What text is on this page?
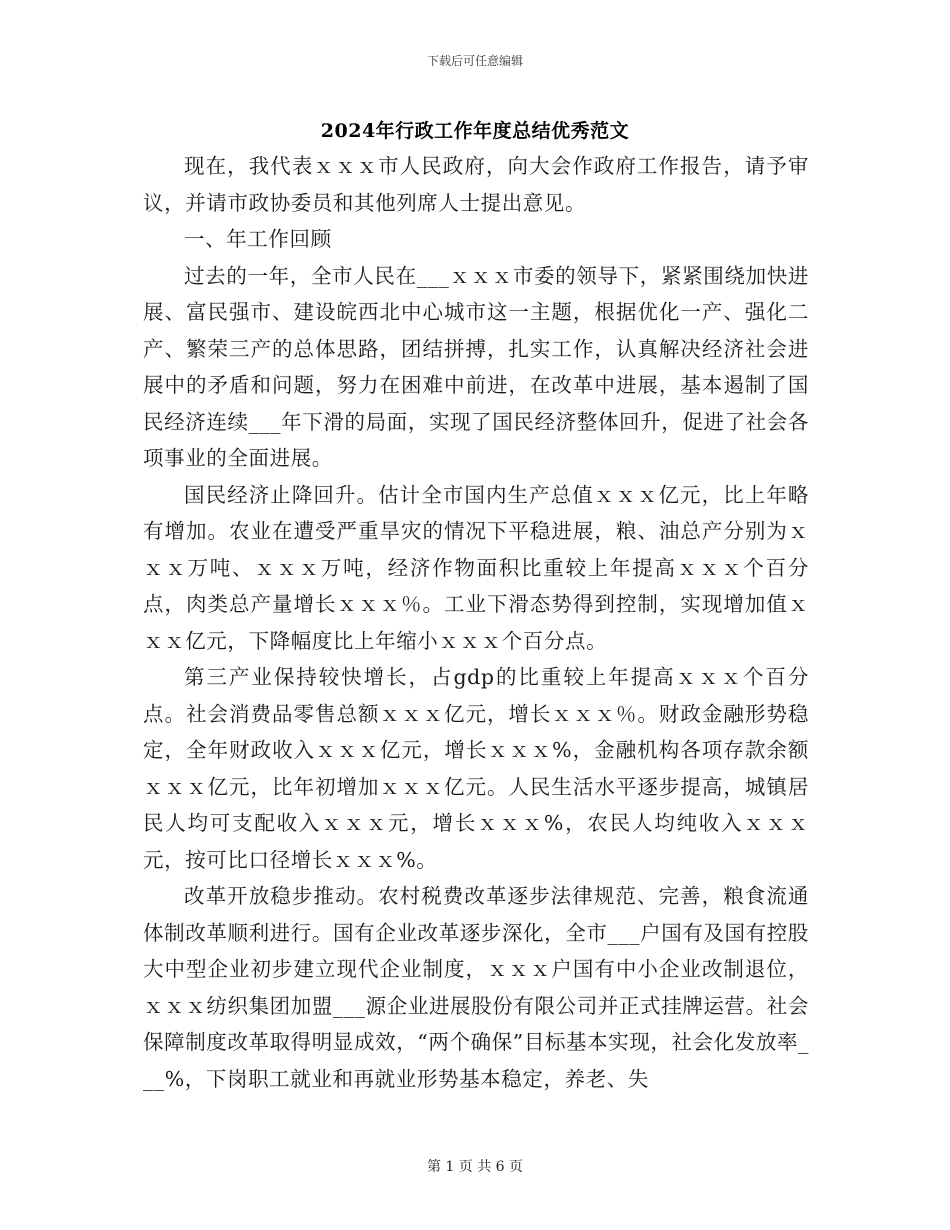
下载后可任意编辑
2024年行政工作年度总结优秀范文

现在，我代表ｘｘｘ市人民政府，向大会作政府工作报告，请予审议，并请市政协委员和其他列席人士提出意见。

一、年工作回顾

过去的一年，全市人民在___ｘｘｘ市委的领导下，紧紧围绕加快进展、富民强市、建设皖西北中心城市这一主题，根据优化一产、强化二产、繁荣三产的总体思路，团结拼搏，扎实工作，认真解决经济社会进展中的矛盾和问题，努力在困难中前进，在改革中进展，基本遏制了国民经济连续___年下滑的局面，实现了国民经济整体回升，促进了社会各项事业的全面进展。

国民经济止降回升。估计全市国内生产总值ｘｘｘ亿元，比上年略有增加。农业在遭受严重旱灾的情况下平稳进展，粮、油总产分别为ｘｘｘ万吨、ｘｘｘ万吨，经济作物面积比重较上年提高ｘｘｘ个百分点，肉类总产量增长ｘｘｘ％。工业下滑态势得到控制，实现增加值ｘｘｘ亿元，下降幅度比上年缩小ｘｘｘ个百分点。

第三产业保持较快增长，占gdp的比重较上年提高ｘｘｘ个百分点。社会消费品零售总额ｘｘｘ亿元，增长ｘｘｘ％。财政金融形势稳定，全年财政收入ｘｘｘ亿元，增长ｘｘｘ%，金融机构各项存款余额ｘｘｘ亿元，比年初增加ｘｘｘ亿元。人民生活水平逐步提高，城镇居民人均可支配收入ｘｘｘ元，增长ｘｘｘ%，农民人均纯收入ｘｘｘ元，按可比口径增长ｘｘｘ%。

改革开放稳步推动。农村税费改革逐步法律规范、完善，粮食流通体制改革顺利进行。国有企业改革逐步深化，全市___户国有及国有控股大中型企业初步建立现代企业制度，ｘｘｘ户国有中小企业改制退位，ｘｘｘ纺织集团加盟___源企业进展股份有限公司并正式挂牌运营。社会保障制度改革取得明显成效，“两个确保”目标基本实现，社会化发放率___%，下岗职工就业和再就业形势基本稳定，养老、失

第 1 页 共 6 页
